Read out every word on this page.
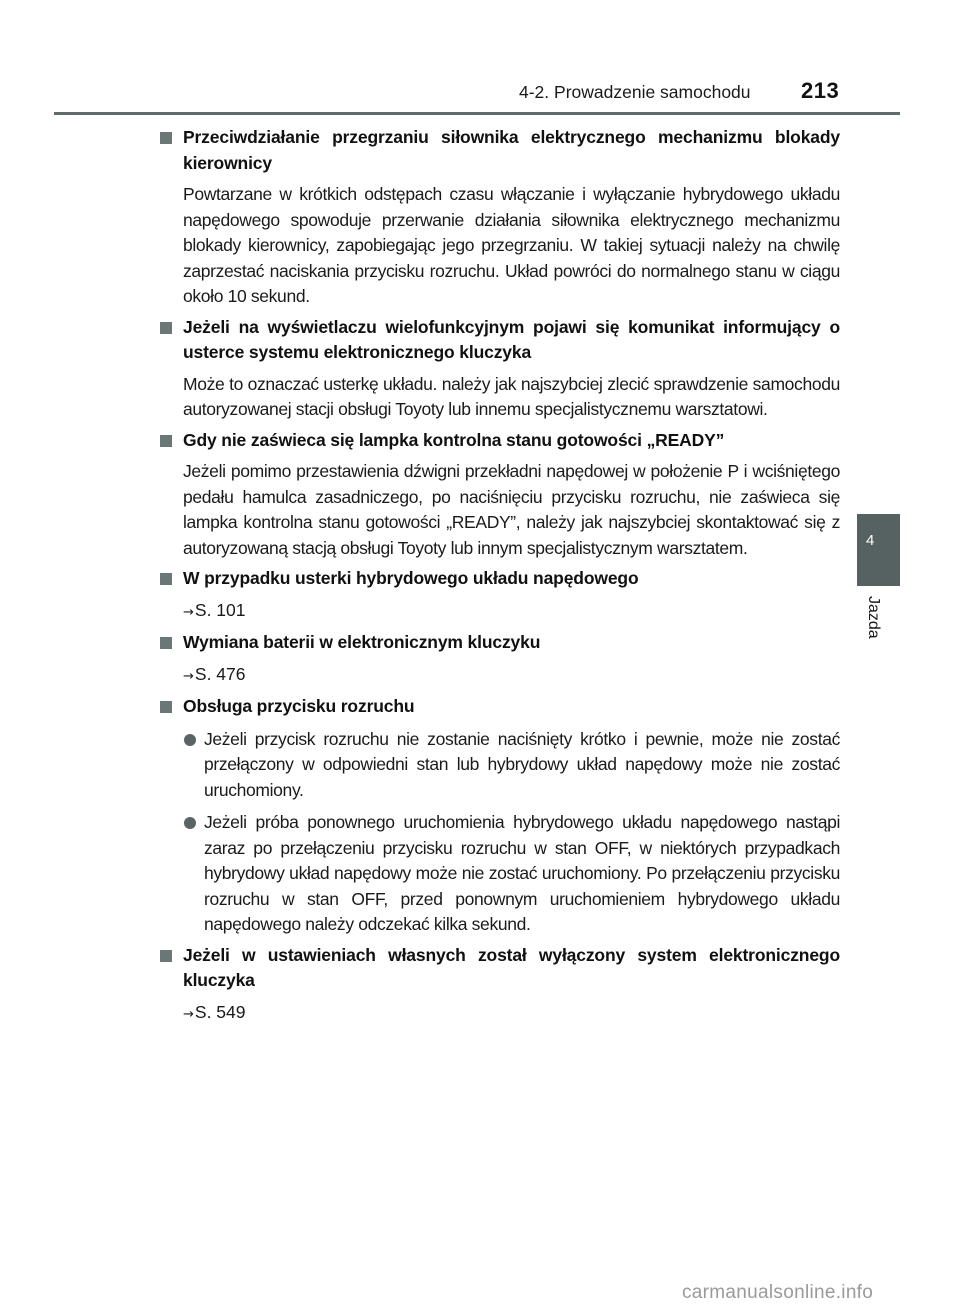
4-2. Prowadzenie samochodu 213
4
Jazda
Przeciwdziałanie przegrzaniu siłownika elektrycznego mechanizmu blokady kierownicy
Powtarzane w krótkich odstępach czasu włączanie i wyłączanie hybrydowego układu napędowego spowoduje przerwanie działania siłownika elektrycznego mechanizmu blokady kierownicy, zapobiegając jego przegrzaniu. W takiej sytuacji należy na chwilę zaprzestać naciskania przycisku rozruchu. Układ powróci do normalnego stanu w ciągu około 10 sekund.
Jeżeli na wyświetlaczu wielofunkcyjnym pojawi się komunikat informujący o usterce systemu elektronicznego kluczyka
Może to oznaczać usterkę układu. należy jak najszybciej zlecić sprawdzenie samochodu autoryzowanej stacji obsługi Toyoty lub innemu specjalistycznemu warsztatowi.
Gdy nie zaświeca się lampka kontrolna stanu gotowości „READY”
Jeżeli pomimo przestawienia dźwigni przekładni napędowej w położenie P i wciśniętego pedału hamulca zasadniczego, po naciśnięciu przycisku rozruchu, nie zaświeca się lampka kontrolna stanu gotowości „READY”, należy jak najszybciej skontaktować się z autoryzowaną stacją obsługi Toyoty lub innym specjalistycznym warsztatem.
W przypadku usterki hybrydowego układu napędowego
→S. 101
Wymiana baterii w elektronicznym kluczyku
→S. 476
Obsługa przycisku rozruchu
Jeżeli przycisk rozruchu nie zostanie naciśnięty krótko i pewnie, może nie zostać przełączony w odpowiedni stan lub hybrydowy układ napędowy może nie zostać uruchomiony.
Jeżeli próba ponownego uruchomienia hybrydowego układu napędowego nastąpi zaraz po przełączeniu przycisku rozruchu w stan OFF, w niektórych przypadkach hybrydowy układ napędowy może nie zostać uruchomiony. Po przełączeniu przycisku rozruchu w stan OFF, przed ponownym uruchomieniem hybrydowego układu napędowego należy odczekać kilka sekund.
Jeżeli w ustawieniach własnych został wyłączony system elektronicznego kluczyka
→S. 549
carmanualsonline.info
